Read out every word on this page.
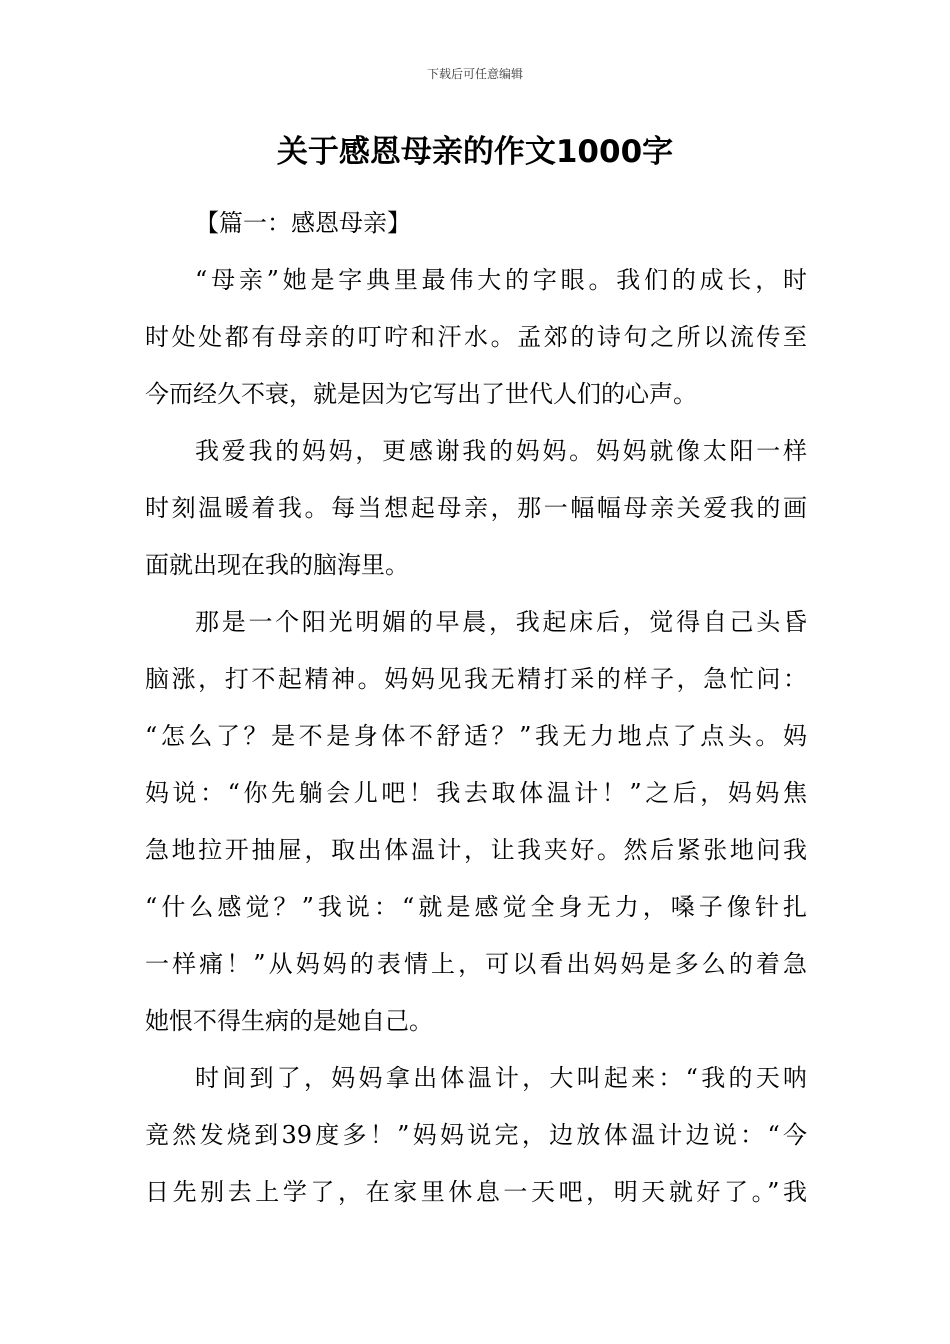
下载后可任意编辑
关于感恩母亲的作文1000字
【篇一：感恩母亲】
“母亲”她是字典里最伟大的字眼。我们的成长，时
时处处都有母亲的叮咛和汗水。孟郊的诗句之所以流传至
今而经久不衰，就是因为它写出了世代人们的心声。
我爱我的妈妈，更感谢我的妈妈。妈妈就像太阳一样
时刻温暖着我。每当想起母亲，那一幅幅母亲关爱我的画
面就出现在我的脑海里。
那是一个阳光明媚的早晨，我起床后，觉得自己头昏
脑涨，打不起精神。妈妈见我无精打采的样子，急忙问：
“怎么了？是不是身体不舒适？”我无力地点了点头。妈
妈说：“你先躺会儿吧！我去取体温计！”之后，妈妈焦
急地拉开抽屉，取出体温计，让我夹好。然后紧张地问我
“什么感觉？”我说：“就是感觉全身无力，嗓子像针扎
一样痛！”从妈妈的表情上，可以看出妈妈是多么的着急
她恨不得生病的是她自己。
时间到了，妈妈拿出体温计，大叫起来：“我的天呐
竟然发烧到39度多！”妈妈说完，边放体温计边说：“今
日先别去上学了，在家里休息一天吧，明天就好了。”我
